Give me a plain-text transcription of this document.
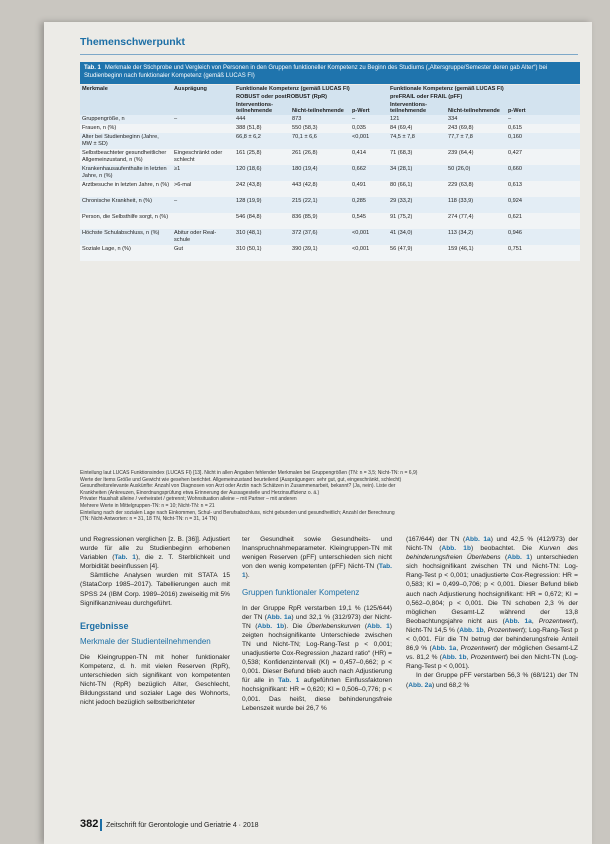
Themenschwerpunkt
Tab. 1 Merkmale der Stichprobe und Vergleich von Personen in den Gruppen funktioneller Kompetenz zu Beginn des Studiums („Altersgruppe/Semester deren gab Alter“) bei Studienbeginn nach funktionaler Kompetenz (gemäß LUCAS FI)
Merkmale	Ausprägung	Funktionale Kompetenz (gemäß LUCAS FI)			Funktionale Kompetenz (gemäß LUCAS FI)		
		ROBUST oder postROBUST (RpR)			preFRAIL oder FRAIL (pFF)		
		Interventions-teilnehmende	Nicht-teilnehmende	p-Wert	Interventions-teilnehmende	Nicht-teilnehmende	p-Wert
Gruppengröße, n	–	444	873	–	121	334	–
Frauen, n (%)		388 (51,8)	550 (58,3)	0,035	84 (69,4)	243 (69,8)	0,615
Alter bei Studienbeginn (Jahre, MW ± SD)		66,8 ± 6,2	70,1 ± 6,6	<0,001	74,5 ± 7,8	77,7 ± 7,8	0,160
Selbstbeachteter gesundheitlicher Allgemeinzustand, n (%)	Eingeschränkt oder schlecht	161 (25,8)	261 (26,8)	0,414	71 (68,3)	239 (64,4)	0,427
Krankenhausaufenthalte in letzten Jahre, n (%)	≥1	120 (18,6)	180 (19,4)	0,662	34 (28,1)	50 (26,0)	0,660
Arztbesuche in letzten Jahre, n (%)	>6-mal	242 (43,8)	443 (42,8)	0,491	80 (66,1)	229 (63,8)	0,613
Chronische Krankheit, n (%)	–	128 (19,9)	215 (22,1)	0,285	29 (33,2)	118 (33,9)	0,924
Person, die Selbsthilfe sorgt, n (%)		546 (84,8)	836 (85,9)	0,545	91 (75,2)	274 (77,4)	0,621
Höchste Schulabschluss, n (%)	Abitur oder Real-schule	310 (48,1)	372 (37,6)	<0,001	41 (34,0)	113 (34,2)	0,946
Soziale Lage, n (%)	Gut	310 (50,1)	390 (39,1)	<0,001	56 (47,9)	159 (46,1)	0,751
Einteilung laut LUCAS Funktionsindex (LUCAS FI) [13]. Nicht in allen Angaben fehlender Merkmalen bei Gruppengrößen (TN: n = 3,5; Nicht-TN: n = 6,9)
Werte der Items Größe und Gewicht wie gesehen berichtet. Allgemeinzustand beurteilend (Ausprägungen: sehr gut, gut, eingeschränkt, schlecht)
Gesundheitsrelevante Auskünfte: Anzahl von Diagnosen von Arzt oder Arztin nach Schätzen in Zusammenarbeit, bekannt? (Ja, nein). Liste der
Krankheiten (Ankreuzen, Einordnungsprüfung etwa Erinnerung der Aussagestelle und Herzinsuffizienz o. ä.)
Privater Haushalt alleine / verheiratet / getrennt; Wohnsituation alleine – mit Partner – mit anderen
Mehrere Werte in Mittelgruppen-TN: n = 10; Nicht-TN: n = 21
Einteilung nach der sozialen Lage nach Einkommen, Schul- und Berufsabschluss, nicht gebunden und gesundheitlich; Anzahl der Berechnung
(TN: Nicht-Antworten: n = 31, 18 TN, Nicht-TN: n = 31, 14 TN)

und Regressionen verglichen [z. B. [36]]. Adjustiert wurde für alle zu Studienbeginn erhobenen Variablen (Tab. 1), die z. T. Sterblichkeit und Morbidität beeinflussen [4].

Sämtliche Analysen wurden mit STATA 15 (StataCorp 1985–2017). Tabellierungen auch mit SPSS 24 (IBM Corp. 1989–2016) zweiseitig mit 5% Signifikanzniveau durchgeführt.

Ergebnisse
Merkmale der Studienteilnehmenden

Die Kleingruppen-TN mit hoher funktionaler Kompetenz, d. h. mit vielen Reserven (RpR), unterschieden sich signifikant von kompetenten Nicht-TN (RpR) bezüglich Alter, Geschlecht, Bildungsstand und sozialer Lage des Wohnorts, nicht jedoch bezüglich selbstberichteter

ter Gesundheit sowie Gesundheits- und Inanspruchnahmeparameter. Kleingruppen-TN mit wenigen Reserven (pFF) unterschieden sich nicht von den wenig kompetenten (pFF) Nicht-TN (Tab. 1).

Gruppen funktionaler Kompetenz

In der Gruppe RpR verstarben 19,1 % (125/644) der TN (Abb. 1a) und 32,1 % (312/973) der Nicht-TN (Abb. 1b). Die Überlebenskurven (Abb. 1) zeigten hochsignifikante Unterschiede zwischen TN und Nicht-TN; Log-Rang-Test p < 0,001; unadjustierte Cox-Regression „hazard ratio“ (HR) = 0,538; Konfidenzintervall (KI) = 0,457–0,662; p < 0,001. Dieser Befund blieb auch nach Adjustierung für alle in Tab. 1 aufgeführten Einflussfaktoren hochsignifikant: HR = 0,620; KI = 0,506–0,776; p < 0,001. Das heißt, diese behinderungsfreie Lebenszeit wurde bei 26,7 %

(167/644) der TN (Abb. 1a) und 42,5 % (412/973) der Nicht-TN (Abb. 1b) beobachtet. Die Kurven des behinderungsfreien Überlebens (Abb. 1) unterschieden sich hochsignifikant zwischen TN und Nicht-TN: Log-Rang-Test p < 0,001; unadjustierte Cox-Regression: HR = 0,583; KI = 0,499–0,706; p < 0,001. Dieser Befund blieb auch nach Adjustierung hochsignifikant: HR = 0,672; KI = 0,562–0,804; p < 0,001. Die TN schoben 2,3 % der möglichen Gesamt-LZ während der 13,8 Beobachtungsjahre nicht aus (Abb. 1a, Prozentwert), Nicht-TN 14,5 % (Abb. 1b, Prozentwert); Log-Rang-Test p < 0,001. Für die TN betrug der behinderungsfreie Anteil 86,9 % (Abb. 1a, Prozentwert) der möglichen Gesamt-LZ vs. 81,2 % (Abb. 1b, Prozentwert) bei den Nicht-TN (Log-Rang-Test p < 0,001).

In der Gruppe pFF verstarben 56,3 % (68/121) der TN (Abb. 2a) und 68,2 %

382 Zeitschrift für Gerontologie und Geriatrie 4 · 2018
